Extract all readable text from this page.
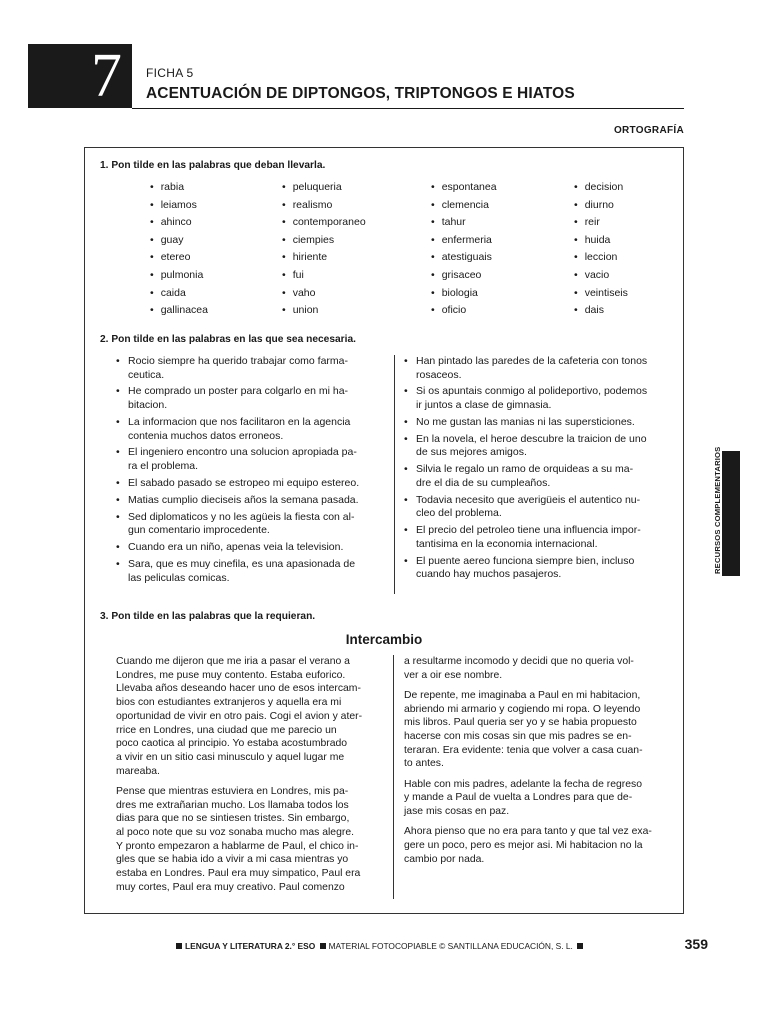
7	FICHA 5
ACENTUACIÓN DE DIPTONGOS, TRIPTONGOS E HIATOS
ORTOGRAFÍA
1. Pon tilde en las palabras que deban llevarla.
• rabia
• leiamos
• ahinco
• guay
• etereo
• pulmonia
• caida
• gallinacea
• peluqueria
• realismo
• contemporaneo
• ciempies
• hiriente
• fui
• vaho
• union
• espontanea
• clemencia
• tahur
• enfermeria
• atestiguais
• grisaceo
• biologia
• oficio
• decision
• diurno
• reir
• huida
• leccion
• vacio
• veintiseis
• dais
2. Pon tilde en las palabras en las que sea necesaria.
• Rocio siempre ha querido trabajar como farma-
ceutica.
• He comprado un poster para colgarlo en mi ha-
bitacion.
• La informacion que nos facilitaron en la agencia
contenia muchos datos erroneos.
• El ingeniero encontro una solucion apropiada pa-
ra el problema.
• El sabado pasado se estropeo mi equipo estereo.
• Matias cumplio dieciseis años la semana pasada.
• Sed diplomaticos y no les agüeis la fiesta con al-
gun comentario improcedente.
• Cuando era un niño, apenas veia la television.
• Sara, que es muy cinefila, es una apasionada de
las peliculas comicas.
• Han pintado las paredes de la cafeteria con tonos
rosaceos.
• Si os apuntais conmigo al polideportivo, podemos
ir juntos a clase de gimnasia.
• No me gustan las manias ni las supersticiones.
• En la novela, el heroe descubre la traicion de uno
de sus mejores amigos.
• Silvia le regalo un ramo de orquideas a su ma-
dre el dia de su cumpleaños.
• Todavia necesito que averigüeis el autentico nu-
cleo del problema.
• El precio del petroleo tiene una influencia impor-
tantisima en la economia internacional.
• El puente aereo funciona siempre bien, incluso
cuando hay muchos pasajeros.
3. Pon tilde en las palabras que la requieran.
Intercambio

Cuando me dijeron que me iria a pasar el verano a
Londres, me puse muy contento. Estaba euforico.
Llevaba años deseando hacer uno de esos intercam-
bios con estudiantes extranjeros y aquella era mi
oportunidad de vivir en otro pais. Cogi el avion y ater-
rrice en Londres, una ciudad que me parecio un
poco caotica al principio. Yo estaba acostumbrado
a vivir en un sitio casi minusculo y aquel lugar me
mareaba.

Pense que mientras estuviera en Londres, mis pa-
dres me extrañarian mucho. Los llamaba todos los
dias para que no se sintiesen tristes. Sin embargo,
al poco note que su voz sonaba mucho mas alegre.
Y pronto empezaron a hablarme de Paul, el chico in-
gles que se habia ido a vivir a mi casa mientras yo
estaba en Londres. Paul era muy simpatico, Paul era
muy cortes, Paul era muy creativo. Paul comenzo

a resultarme incomodo y decidi que no queria vol-
ver a oir ese nombre.

De repente, me imaginaba a Paul en mi habitacion,
abriendo mi armario y cogiendo mi ropa. O leyendo
mis libros. Paul queria ser yo y se habia propuesto
hacerse con mis cosas sin que mis padres se en-
teraran. Era evidente: tenia que volver a casa cuan-
to antes.

Hable con mis padres, adelante la fecha de regreso
y mande a Paul de vuelta a Londres para que de-
jase mis cosas en paz.

Ahora pienso que no era para tanto y que tal vez exa-
gere un poco, pero es mejor asi. Mi habitacion no la
cambio por nada.

RECURSOS COMPLEMENTARIOS
LENGUA Y LITERATURA 2.° ESO MATERIAL FOTOCOPIABLE © SANTILLANA EDUCACIÓN, S. L.	359
